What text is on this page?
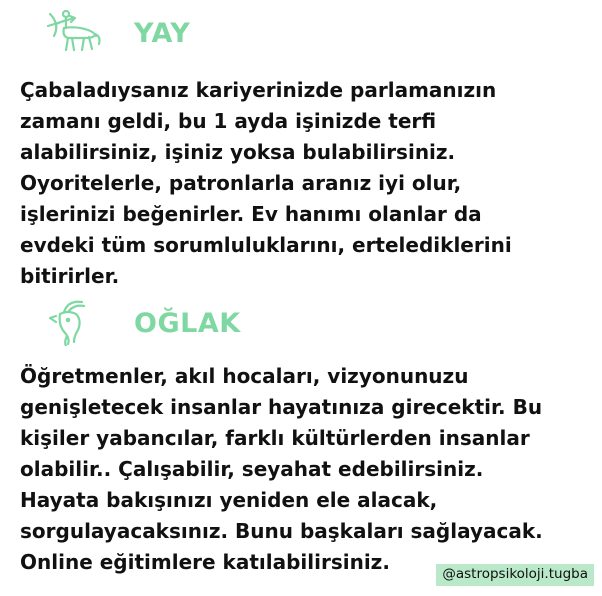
YAY

Çabaladıysanız kariyerinizde parlamanızın
zamanı geldi, bu 1 ayda işinizde terfi
alabilirsiniz, işiniz yoksa bulabilirsiniz.
Oyoritelerle, patronlarla aranız iyi olur,
işlerinizi beğenirler. Ev hanımı olanlar da
evdeki tüm sorumluluklarını, ertelediklerini
bitirirler.

OĞLAK

Öğretmenler, akıl hocaları, vizyonunuzu
genişletecek insanlar hayatınıza girecektir. Bu
kişiler yabancılar, farklı kültürlerden insanlar
olabilir.. Çalışabilir, seyahat edebilirsiniz.
Hayata bakışınızı yeniden ele alacak,
sorgulayacaksınız. Bunu başkaları sağlayacak.
Online eğitimlere katılabilirsiniz.

@astropsikoloji.tugba
